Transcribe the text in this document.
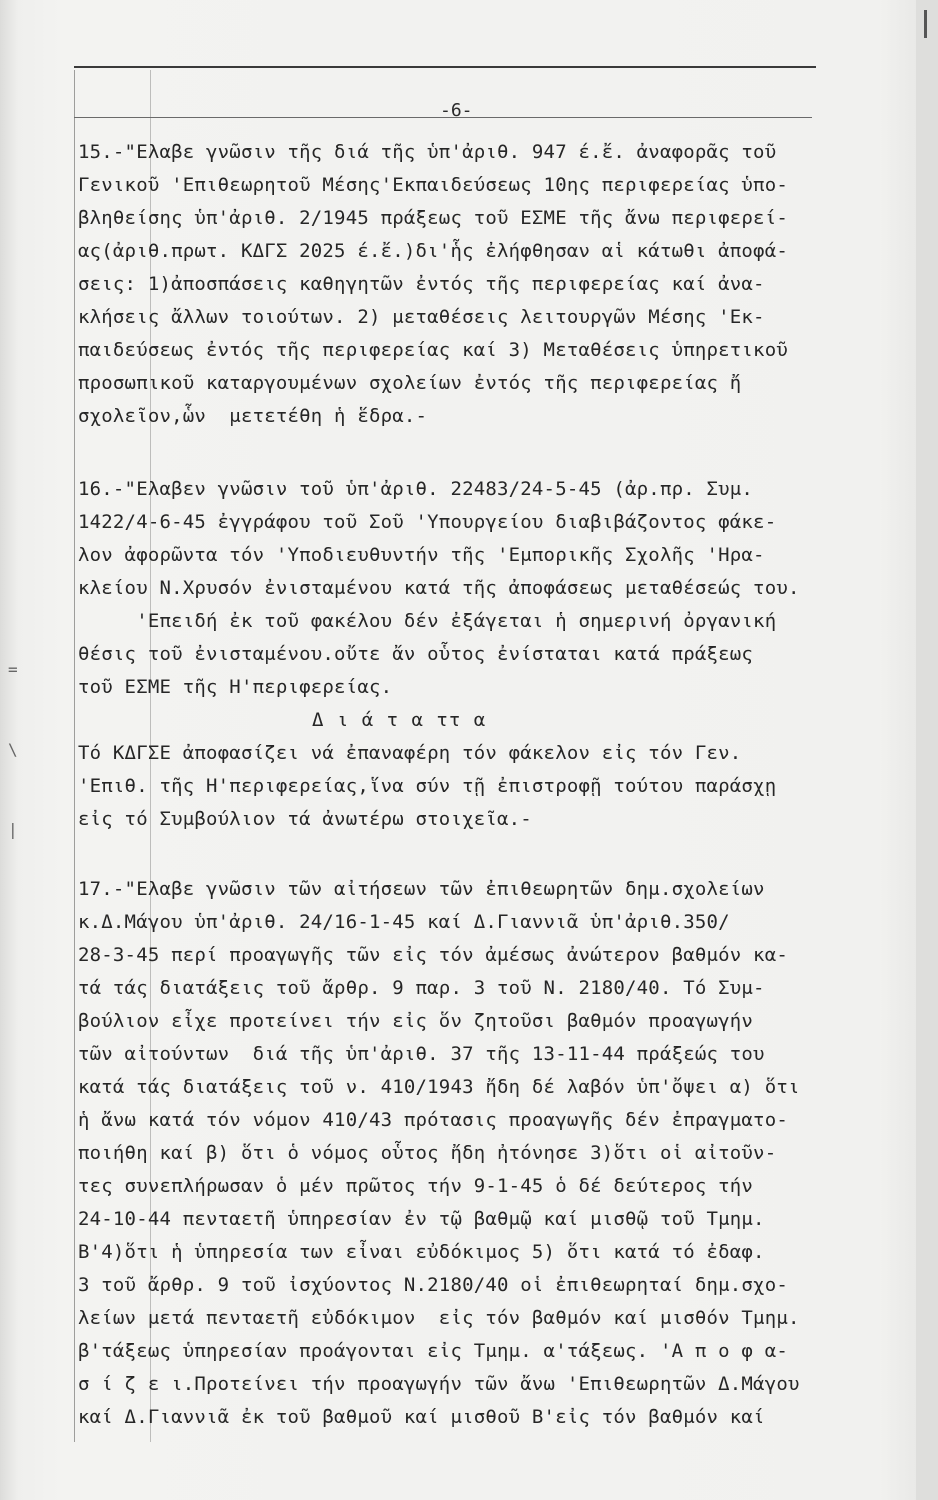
=
\
|
-6-
15.-"Ελαβε γνῶσιν τῆς διά τῆς ὑπ'ἀριθ. 947 έ.ἔ. ἀναφορᾶς τοῦ
Γενικοῦ 'Επιθεωρητοῦ Μέσης'Εκπαιδεύσεως 10ης περιφερείας ὑπο-
βληθείσης ὑπ'ἀριθ. 2/1945 πράξεως τοῦ ΕΣΜΕ τῆς ἄνω περιφερεί-
ας(ἀριθ.πρωτ. ΚΔΓΣ 2025 έ.ἔ.)δι'ἧς ἐλήφθησαν αἱ κάτωθι ἀποφά-
σεις: 1)ἀποσπάσεις καθηγητῶν ἐντός τῆς περιφερείας καί ἀνα-
κλήσεις ἄλλων τοιούτων. 2) μεταθέσεις λειτουργῶν Μέσης 'Εκ-
παιδεύσεως ἐντός τῆς περιφερείας καί 3) Μεταθέσεις ὑπηρετικοῦ
προσωπικοῦ καταργουμένων σχολείων ἐντός τῆς περιφερείας ἤ
σχολεῖον,ὧν  μετετέθη ἡ ἕδρα.-
16.-"Ελαβεν γνῶσιν τοῦ ὑπ'ἀριθ. 22483/24-5-45 (ἀρ.πρ. Συμ.
1422/4-6-45 ἐγγράφου τοῦ Σοῦ 'Υπουργείου διαβιβάζοντος φάκε-
λον ἀφορῶντα τόν 'Υποδιευθυντήν τῆς 'Εμπορικῆς Σχολῆς 'Ηρα-
κλείου Ν.Χρυσόν ἐνισταμένου κατά τῆς ἀποφάσεως μεταθέσεώς του.
'Επειδή ἐκ τοῦ φακέλου δέν ἐξάγεται ἡ σημερινή ὀργανική
θέσις τοῦ ἐνισταμένου.οὔτε ἄν οὗτος ἐνίσταται κατά πράξεως
τοῦ ΕΣΜΕ τῆς Η'περιφερείας.
Δ ι ά τ α ττ α
Τό ΚΔΓΣΕ ἀποφασίζει νά ἐπαναφέρη τόν φάκελον εἰς τόν Γεν.
'Επιθ. τῆς Η'περιφερείας,ἵνα σύν τῇ ἐπιστροφῇ τούτου παράσχῃ
εἰς τό Συμβούλιον τά ἀνωτέρω στοιχεῖα.-
17.-"Ελαβε γνῶσιν τῶν αἰτήσεων τῶν ἐπιθεωρητῶν δημ.σχολείων
κ.Δ.Μάγου ὑπ'ἀριθ. 24/16-1-45 καί Δ.Γιαννιᾶ ὑπ'ἀριθ.350/
28-3-45 περί προαγωγῆς τῶν εἰς τόν ἀμέσως ἀνώτερον βαθμόν κα-
τά τάς διατάξεις τοῦ ἄρθρ. 9 παρ. 3 τοῦ Ν. 2180/40. Τό Συμ-
βούλιον εἶχε προτείνει τήν εἰς ὅν ζητοῦσι βαθμόν προαγωγήν
τῶν αἰτούντων  διά τῆς ὑπ'ἀριθ. 37 τῆς 13-11-44 πράξεώς του
κατά τάς διατάξεις τοῦ ν. 410/1943 ἤδη δέ λαβόν ὑπ'ὄψει α) ὅτι
ἡ ἄνω κατά τόν νόμον 410/43 πρότασις προαγωγῆς δέν ἐπραγματο-
ποιήθη καί β) ὅτι ὁ νόμος οὗτος ἤδη ἠτόνησε 3)ὅτι οἱ αἰτοῦν-
τες συνεπλήρωσαν ὁ μέν πρῶτος τήν 9-1-45 ὁ δέ δεύτερος τήν
24-10-44 πενταετῆ ὑπηρεσίαν ἐν τῷ βαθμῷ καί μισθῷ τοῦ Τμημ.
Β'4)ὅτι ἡ ὑπηρεσία των εἶναι εὐδόκιμος 5) ὅτι κατά τό ἐδαφ.
3 τοῦ ἄρθρ. 9 τοῦ ἰσχύοντος Ν.2180/40 οἱ ἐπιθεωρηταί δημ.σχο-
λείων μετά πενταετῆ εὐδόκιμον  εἰς τόν βαθμόν καί μισθόν Τμημ.
β'τάξεως ὑπηρεσίαν προάγονται εἰς Τμημ. α'τάξεως. 'Α π ο φ α-
σ ί ζ ε ι.Προτείνει τήν προαγωγήν τῶν ἄνω 'Επιθεωρητῶν Δ.Μάγου
καί Δ.Γιαννιᾶ ἐκ τοῦ βαθμοῦ καί μισθοῦ Β'εἰς τόν βαθμόν καί
